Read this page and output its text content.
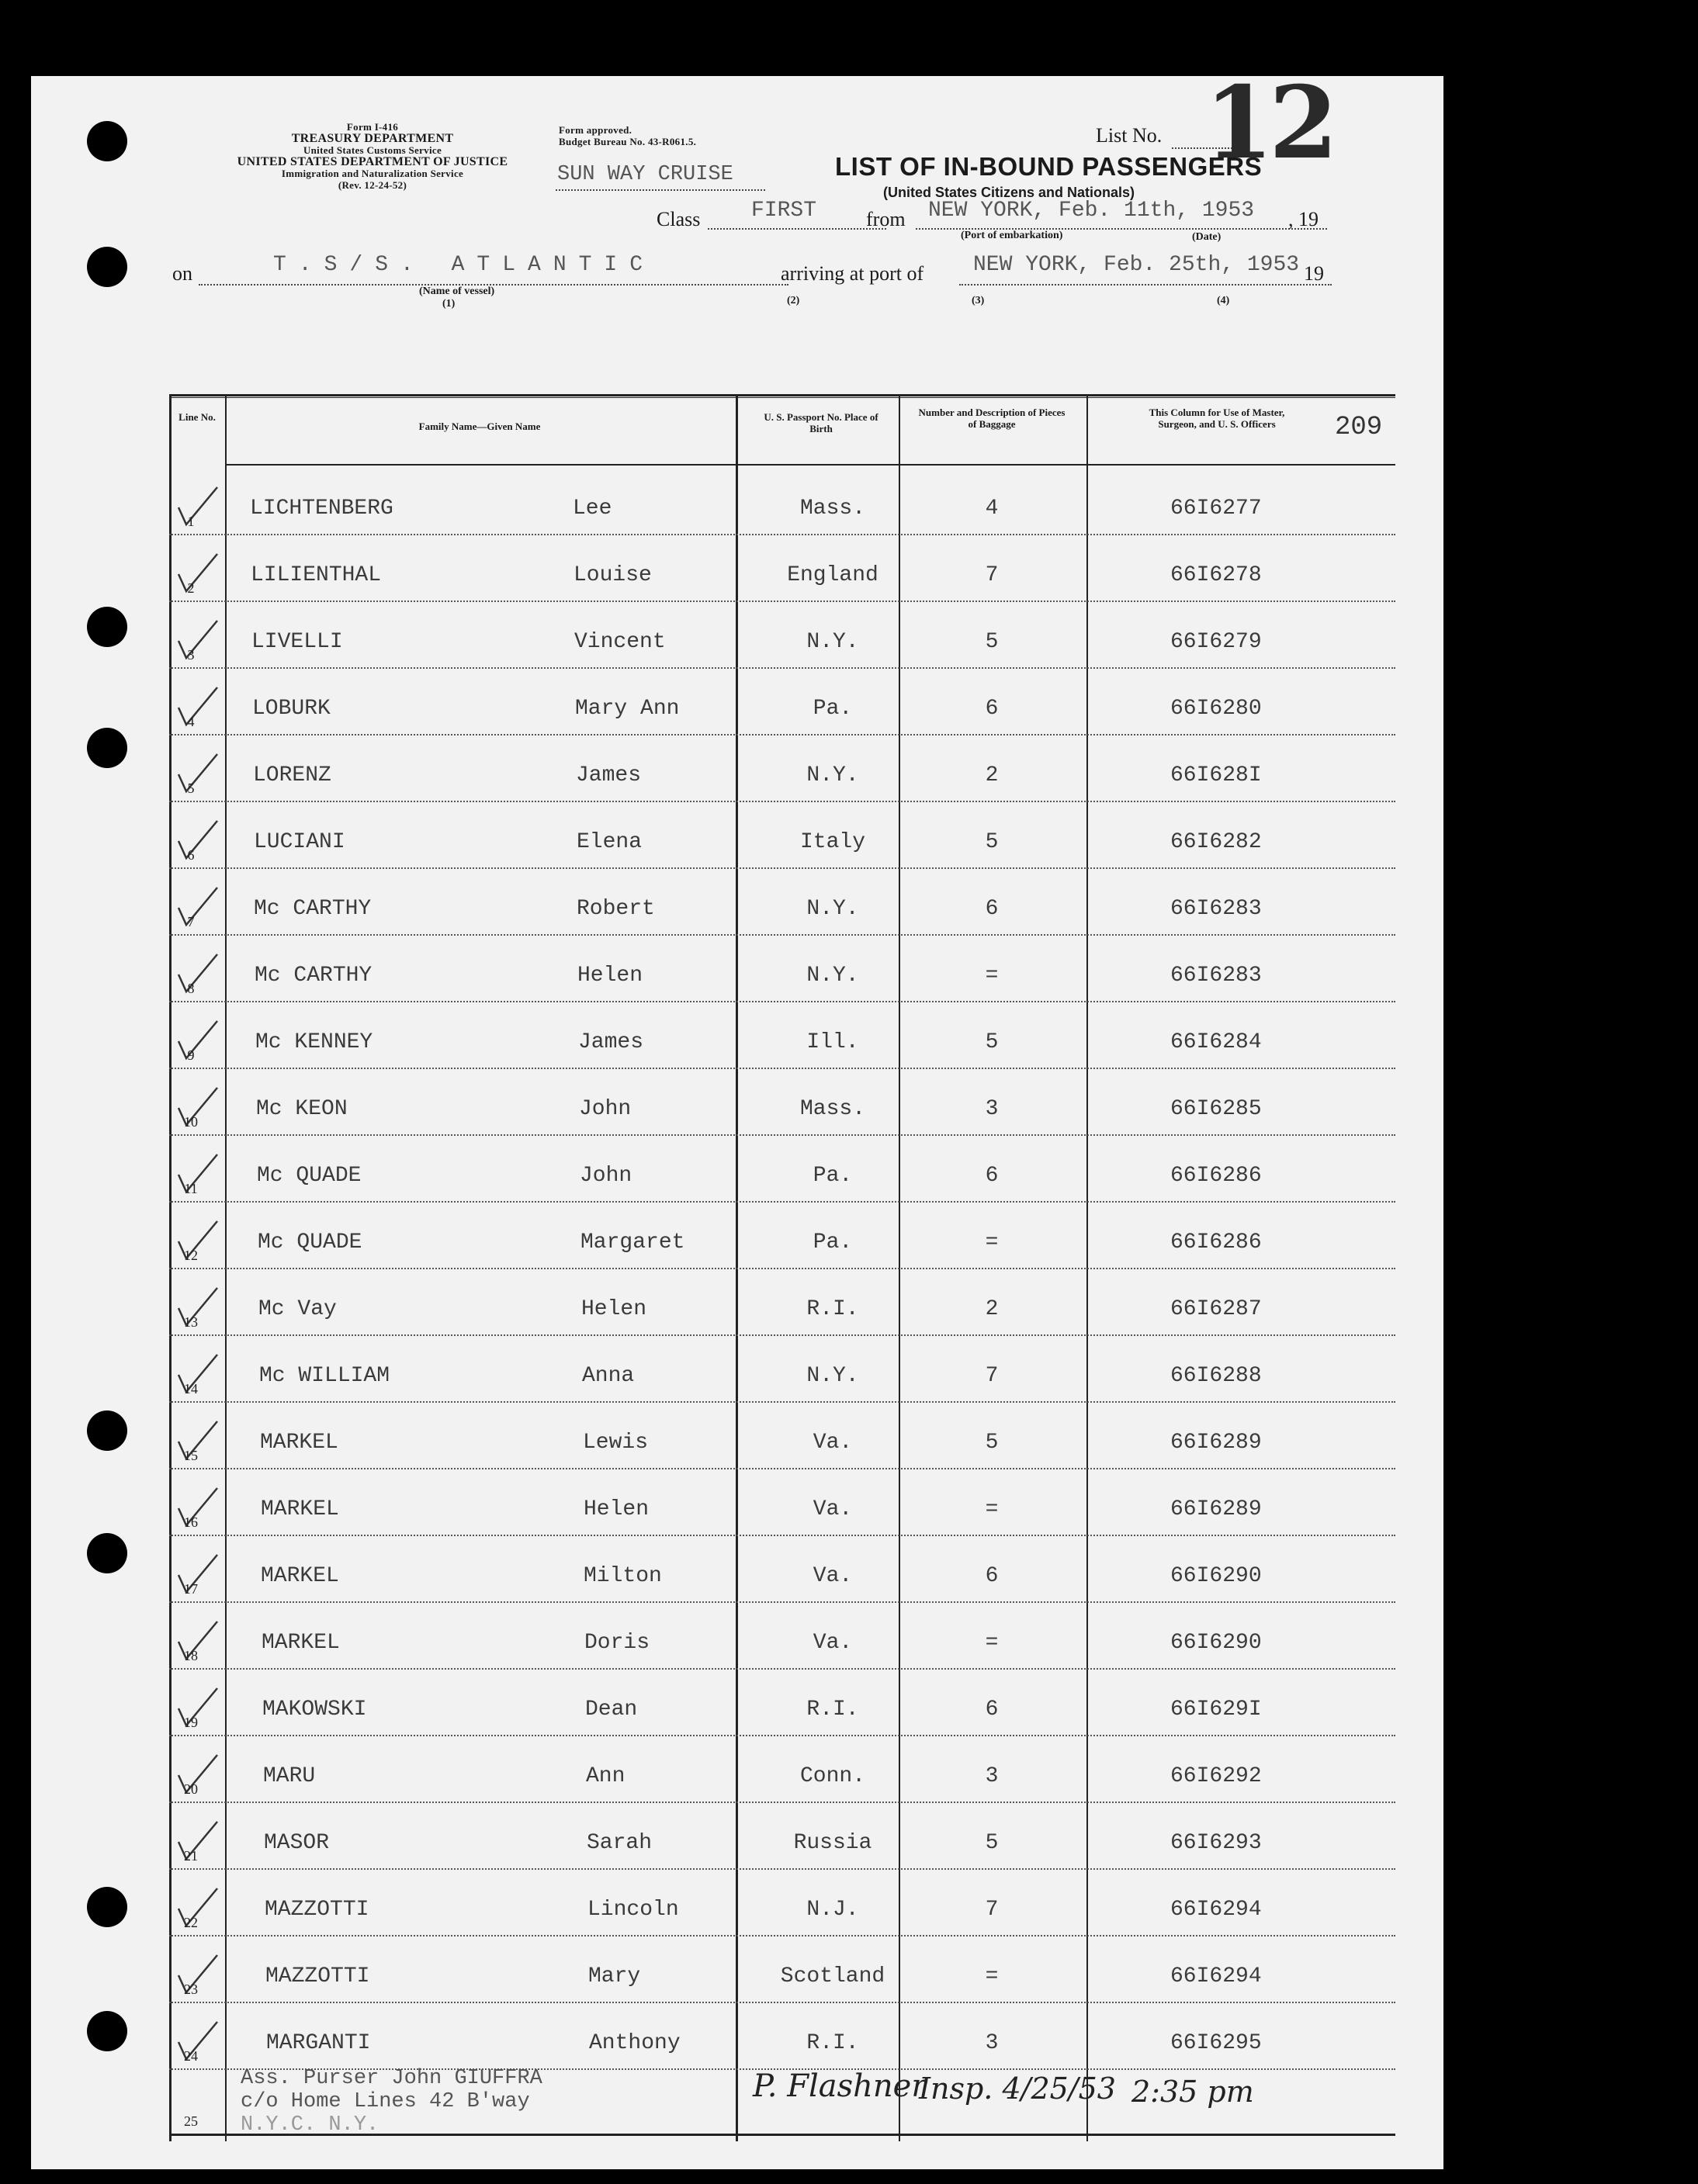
Form I-416
TREASURY DEPARTMENT
United States Customs Service
UNITED STATES DEPARTMENT OF JUSTICE
Immigration and Naturalization Service
(Rev. 12-24-52)
Form approved.
Budget Bureau No. 43-R061.5.
SUN WAY CRUISE
List No. 12
LIST OF IN-BOUND PASSENGERS
(United States Citizens and Nationals)
Class FIRST from NEW YORK, Feb. 11th, 1953 , 19
(Port of embarkation)	(Date)
on	T.S/S. ATLANTIC
(Name of vessel)
(1)
arriving at port of NEW YORK, Feb. 25th, 1953 19
(2)	(3)	(4)
209
Line No.
Family Name—Given Name
U. S. Passport No. Place of Birth
Number and Description of Pieces of Baggage
This Column for Use of Master, Surgeon, and U. S. Officers
1
LICHTENBERG	Lee	Mass.	4	66I6277
2
LILIENTHAL	Louise	England	7	66I6278
3
LIVELLI	Vincent	N.Y.	5	66I6279
4
LOBURK	Mary Ann	Pa.	6	66I6280
5
LORENZ	James	N.Y.	2	66I628I
6
LUCIANI	Elena	Italy	5	66I6282
7
Mc CARTHY	Robert	N.Y.	6	66I6283
8
Mc CARTHY	Helen	N.Y.	=	66I6283
9
Mc KENNEY	James	Ill.	5	66I6284
10
Mc KEON	John	Mass.	3	66I6285
11
Mc QUADE	John	Pa.	6	66I6286
12
Mc QUADE	Margaret	Pa.	=	66I6286
13
Mc Vay	Helen	R.I.	2	66I6287
14
Mc WILLIAM	Anna	N.Y.	7	66I6288
15
MARKEL	Lewis	Va.	5	66I6289
16
MARKEL	Helen	Va.	=	66I6289
17
MARKEL	Milton	Va.	6	66I6290
18
MARKEL	Doris	Va.	=	66I6290
19
MAKOWSKI	Dean	R.I.	6	66I629I
20
MARU	Ann	Conn.	3	66I6292
21
MASOR	Sarah	Russia	5	66I6293
22
MAZZOTTI	Lincoln	N.J.	7	66I6294
23
MAZZOTTI	Mary	Scotland	=	66I6294
24
MARGANTI	Anthony	R.I.	3	66I6295
25
Ass. Purser John GIUFFRA
c/o Home Lines 42 B'way
N.Y.C. N.Y.
P. Flashner
Insp. 4/25/53 2:35 pm
